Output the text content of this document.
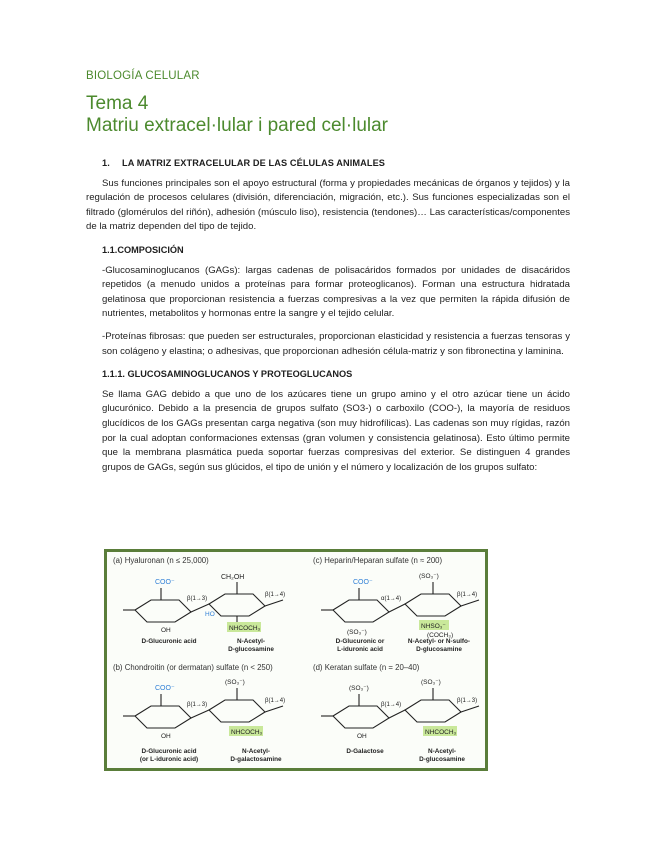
BIOLOGÍA CELULAR
Tema 4
Matriu extracel·lular i pared cel·lular
1. LA MATRIZ EXTRACELULAR DE LAS CÉLULAS ANIMALES

Sus funciones principales son el apoyo estructural (forma y propiedades mecánicas de órganos y tejidos) y la regulación de procesos celulares (división, diferenciación, migración, etc.). Sus funciones especializadas son el filtrado (glomérulos del riñón), adhesión (músculo liso), resistencia (tendones)… Las características/componentes de la matriz dependen del tipo de tejido.

1.1.COMPOSICIÓN

-Glucosaminoglucanos (GAGs): largas cadenas de polisacáridos formados por unidades de disacáridos repetidos (a menudo unidos a proteínas para formar proteoglicanos). Forman una estructura hidratada gelatinosa que proporcionan resistencia a fuerzas compresivas a la vez que permiten la rápida difusión de nutrientes, metabolitos y hormonas entre la sangre y el tejido celular.

-Proteínas fibrosas: que pueden ser estructurales, proporcionan elasticidad y resistencia a fuerzas tensoras y son colágeno y elastina; o adhesivas, que proporcionan adhesión célula-matriz y son fibronectina y laminina.

1.1.1. GLUCOSAMINOGLUCANOS Y PROTEOGLUCANOS

Se llama GAG debido a que uno de los azúcares tiene un grupo amino y el otro azúcar tiene un ácido glucurónico. Debido a la presencia de grupos sulfato (SO3-) o carboxilo (COO-), la mayoría de residuos glucídicos de los GAGs presentan carga negativa (son muy hidrofílicas). Las cadenas son muy rígidas, razón por la cual adoptan conformaciones extensas (gran volumen y consistencia gelatinosa). Esto último permite que la membrana plasmática pueda soportar fuerzas compresivas del exterior. Se distinguen 4 grandes grupos de GAGs, según sus glúcidos, el tipo de unión y el número y localización de los grupos sulfato:

(a) Hyaluronan (n ≤ 25,000)	(c) Heparin/Heparan sulfate (n ≈ 200)
(b) Chondroitin (or dermatan) sulfate (n < 250)	(d) Keratan sulfate (n = 20–40)
COO⁻
CH₂OH
NHCOCH₃
OH
HO
β(1→3)
β(1→4)
D-Glucuronic acid	N-Acetyl-
D-glucosamine
COO⁻
(SO₃⁻)
NHSO₃⁻
(COCH₃)
(SO₃⁻)
α(1→4)
β(1→4)
D-Glucuronic or
L-iduronic acid
N-Acetyl- or N-sulfo-
D-glucosamine
COO⁻
(SO₃⁻)
NHCOCH₃
OH
β(1→3)
β(1→4)
D-Glucuronic acid
(or L-iduronic acid)
N-Acetyl-
D-galactosamine
(SO₃⁻)
(SO₃⁻)
NHCOCH₃
OH
β(1→4)
β(1→3)
D-Galactose	N-Acetyl-
D-glucosamine
